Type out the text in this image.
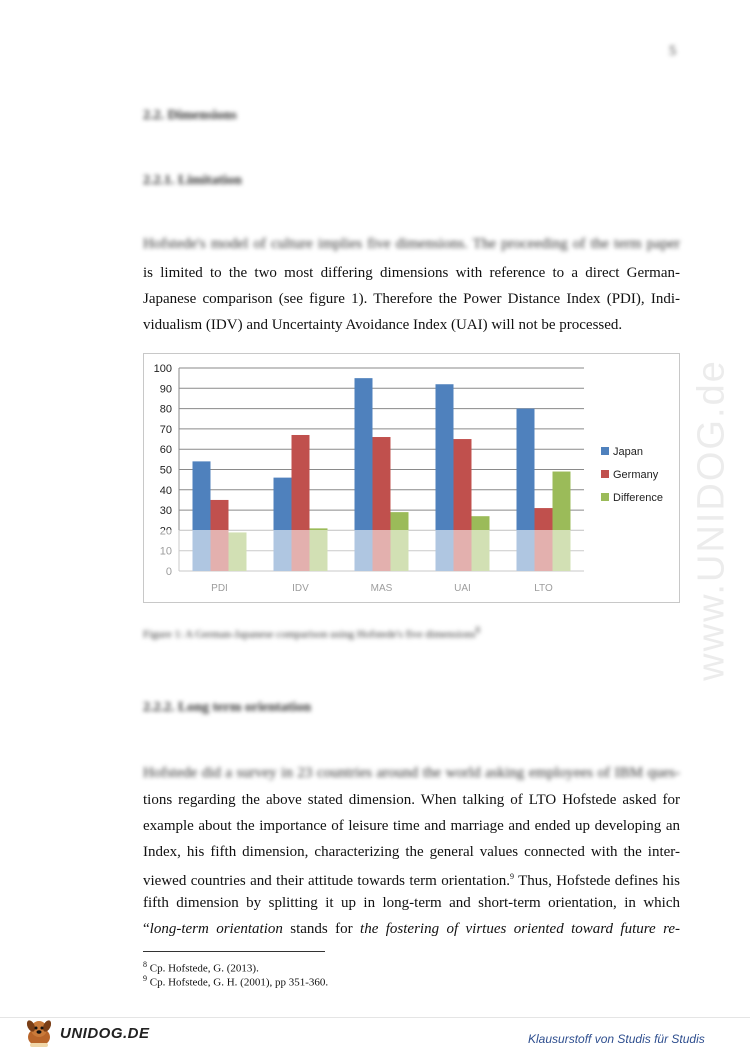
5
2.2. Dimensions
2.2.1. Limitation
Hofstede's model of culture implies five dimensions. The proceeding of the term paper
is limited to the two most differing dimensions with reference to a direct German-
Japanese comparison (see figure 1). Therefore the Power Distance Index (PDI), Indi-
vidualism (IDV) and Uncertainty Avoidance Index (UAI) will not be processed.
30
40
50
60
70
80
90
100
Japan
Germany
Difference
Figure 1: A German-Japanese comparison using Hofstede's five dimensions$^8$
2.2.2. Long term orientation
Hofstede did a survey in 23 countries around the world asking employees of IBM ques-
tions regarding the above stated dimension. When talking of LTO Hofstede asked for
example about the importance of leisure time and marriage and ended up developing an
Index, his fifth dimension, characterizing the general values connected with the inter-
viewed countries and their attitude towards term orientation.$^9$ Thus, Hofstede defines his
fifth dimension by splitting it up in long-term and short-term orientation, in which
“long-term orientation stands for the fostering of virtues oriented toward future re-
$^8$ Cp. Hofstede, G. (2013).
$^9$ Cp. Hofstede, G. H. (2001), pp 351-360.
www.UNIDOG.de
UNIDOG.DE	Klausurstoff von Studis für Studis
